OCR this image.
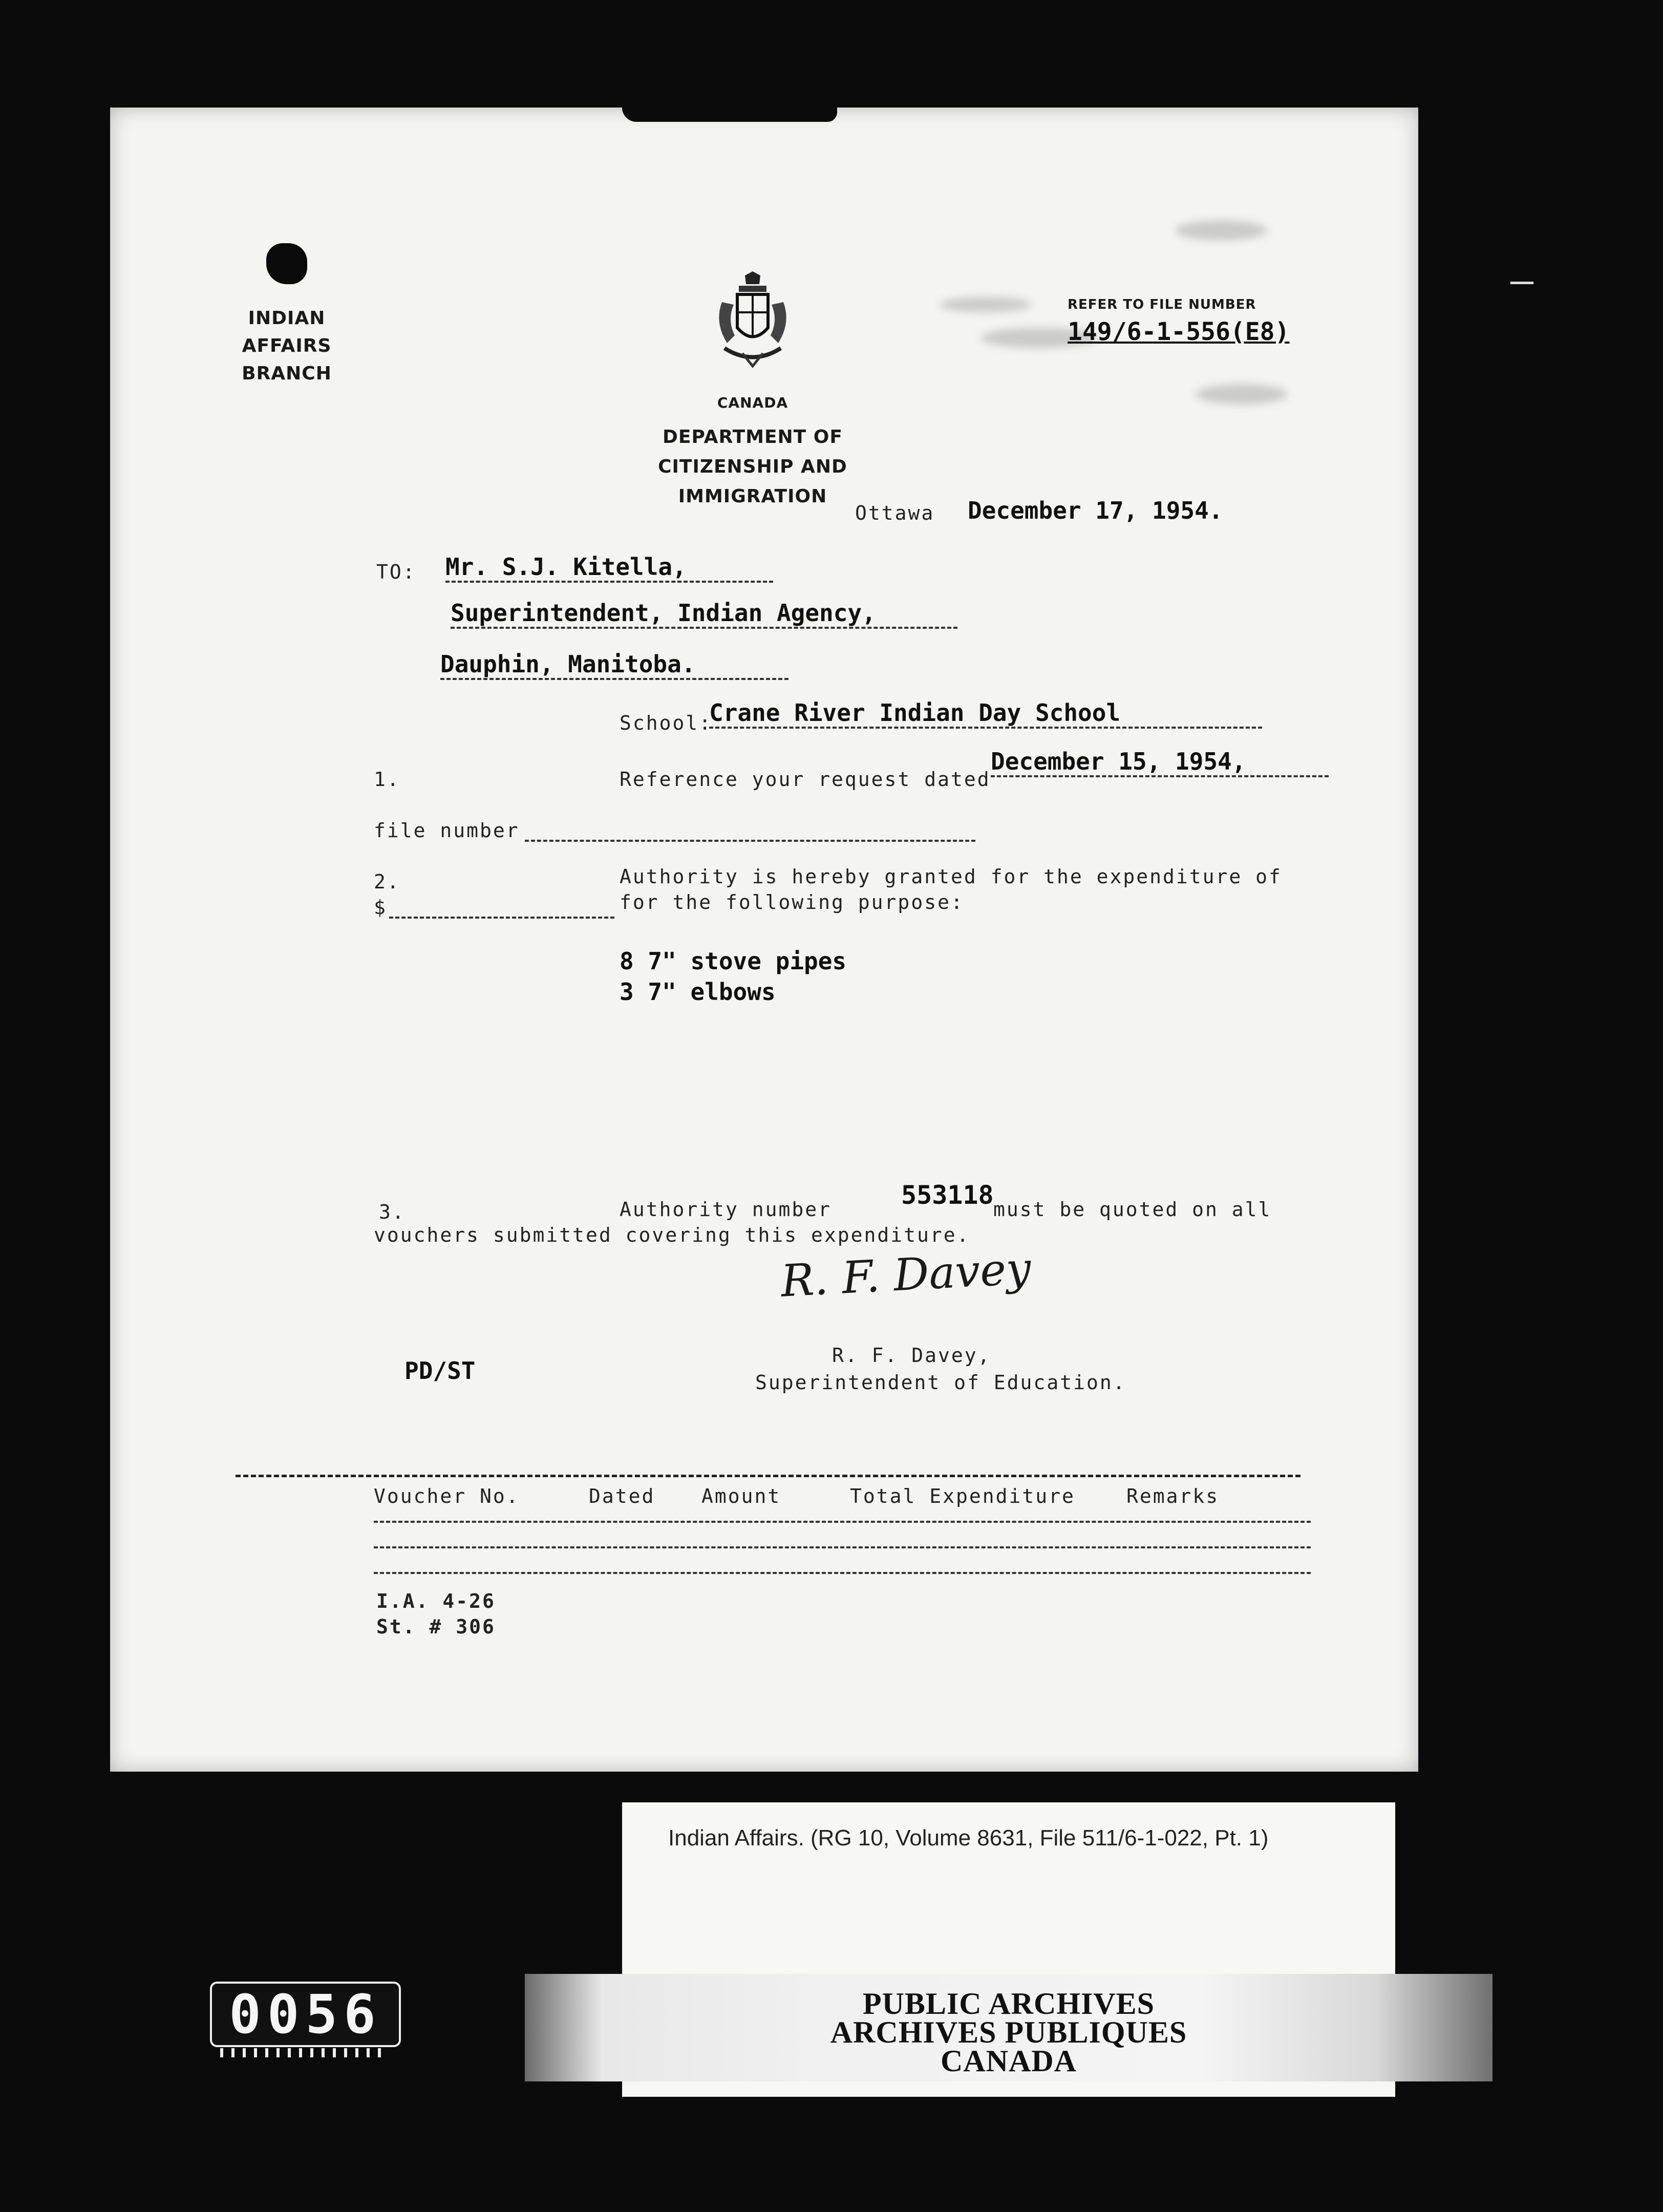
INDIAN AFFAIRS
BRANCH
CANADA
DEPARTMENT OF
CITIZENSHIP AND IMMIGRATION
REFER TO FILE NUMBER
149/6-1-556(E8)
Ottawa December 17, 1954.
TO: Mr. S.J. Kitella,
Superintendent, Indian Agency,
Dauphin, Manitoba.
School:
Crane River Indian Day School
1.	Reference your request dated
December 15, 1954,
file number
2.	Authority is hereby granted for the expenditure of
$	for the following purpose:
8 7" stove pipes
3 7" elbows
3.	Authority number	553118 must be quoted on all
vouchers submitted covering this expenditure.
R. F. Davey
R. F. Davey,
Superintendent of Education.
PD/ST
Voucher No.	Dated Amount	Total Expenditure	Remarks
I.A. 4-26
St. # 306
Indian Affairs. (RG 10, Volume 8631, File 511/6-1-022, Pt. 1)
PUBLIC ARCHIVES
ARCHIVES PUBLIQUES
CANADA
0056
